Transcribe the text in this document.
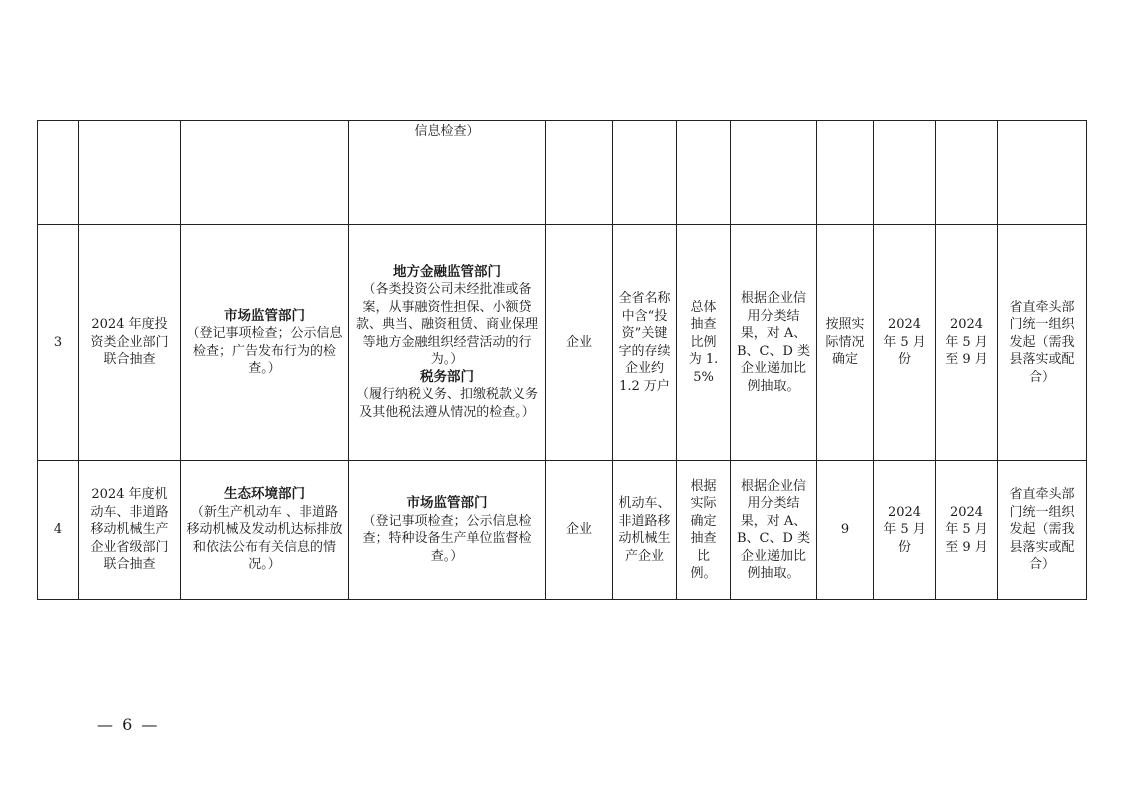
			信息检查）								

3	2024 年度投资类企业部门联合抽查	市场监管部门
（登记事项检查；公示信息检查；广告发布行为的检查。）	地方金融监管部门
（各类投资公司未经批准或备案，从事融资性担保、小额贷款、典当、融资租赁、商业保理等地方金融组织经营活动的行为。）
税务部门
（履行纳税义务、扣缴税款义务及其他税法遵从情况的检查。）	企业	全省名称中含“投资”关键字的存续企业约 1.2 万户	总体抽查比例为 1.5%	根据企业信用分类结果，对 A、B、C、D 类企业递加比例抽取。	按照实际情况确定	2024 年 5 月份	2024 年 5 月至 9 月	省直牵头部门统一组织发起（需我县落实或配合）
4	2024 年度机动车、非道路移动机械生产企业省级部门联合抽查	生态环境部门
（新生产机动车 、非道路移动机械及发动机达标排放和依法公布有关信息的情况。）	市场监管部门
（登记事项检查；公示信息检查；特种设备生产单位监督检查。）	企业	机动车、非道路移动机械生产企业	根据实际确定抽查比例。	根据企业信用分类结果，对 A、B、C、D 类企业递加比例抽取。	9	2024 年 5 月份	2024 年 5 月至 9 月	省直牵头部门统一组织发起（需我县落实或配合）
— 6 —
